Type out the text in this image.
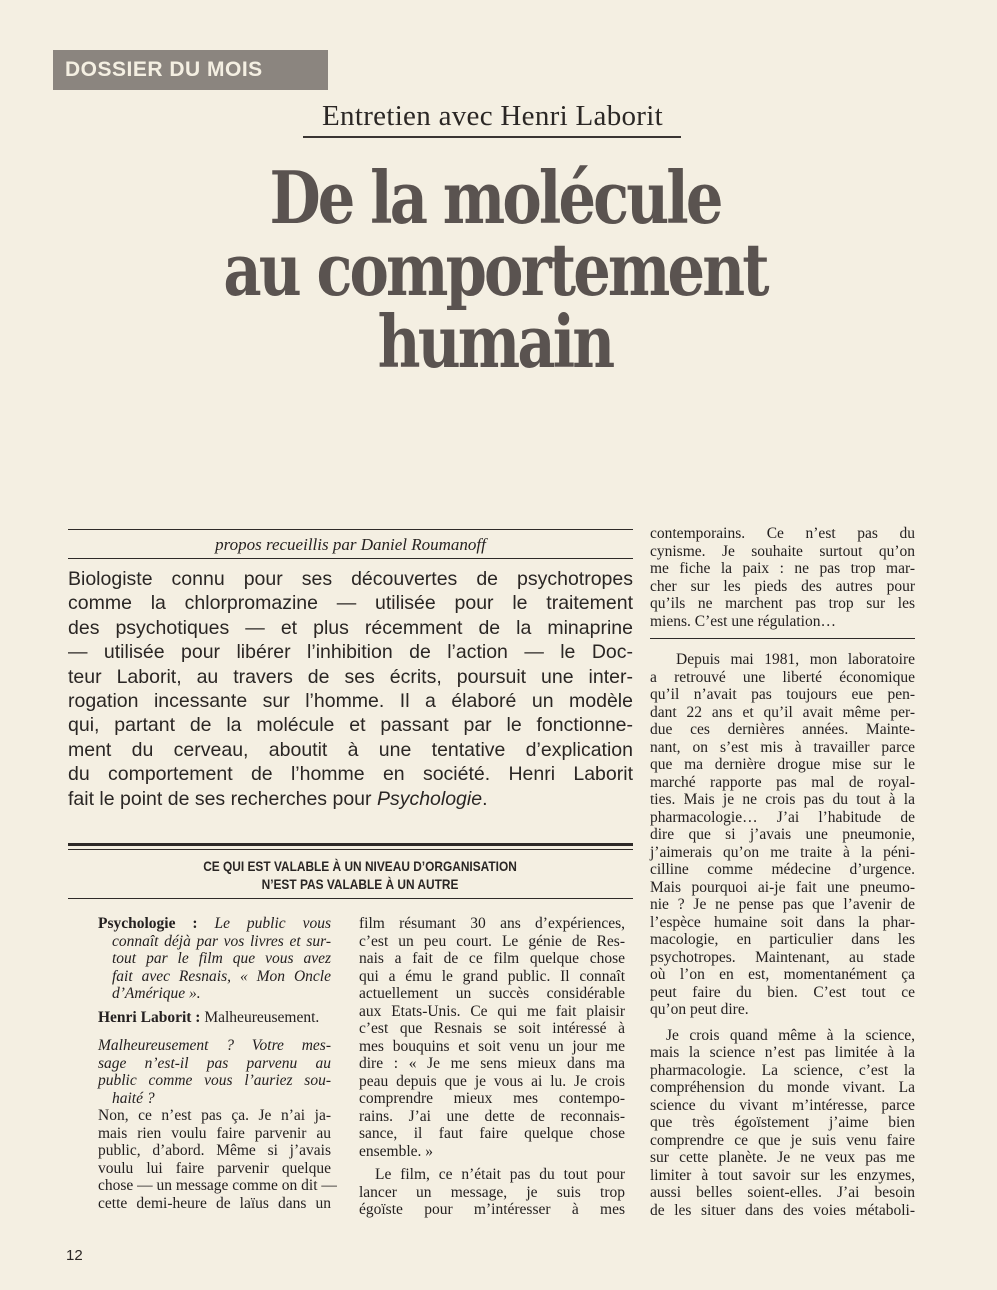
DOSSIER DU MOIS
Entretien avec Henri Laborit
De la molécule
au comportement
humain
propos recueillis par Daniel Roumanoff
Biologiste connu pour ses découvertes de psychotropes
comme la chlorpromazine — utilisée pour le traitement
des psychotiques — et plus récemment de la minaprine
— utilisée pour libérer l’inhibition de l’action — le Doc-
teur Laborit, au travers de ses écrits, poursuit une inter-
rogation incessante sur l’homme. Il a élaboré un modèle
qui, partant de la molécule et passant par le fonctionne-
ment du cerveau, aboutit à une tentative d’explication
du comportement de l’homme en société. Henri Laborit
fait le point de ses recherches pour Psychologie.
CE QUI EST VALABLE À UN NIVEAU D’ORGANISATION
N’EST PAS VALABLE À UN AUTRE

Psychologie : Le public vous
connaît déjà par vos livres et sur-
tout par le film que vous avez
fait avec Resnais, « Mon Oncle
d’Amérique ».

Henri Laborit : Malheureusement.

Malheureusement ? Votre mes-
sage n’est-il pas parvenu au
public comme vous l’auriez sou-
haité ?

Non, ce n’est pas ça. Je n’ai ja-
mais rien voulu faire parvenir au
public, d’abord. Même si j’avais
voulu lui faire parvenir quelque
chose — un message comme on dit —
cette demi-heure de laïus dans un

film résumant 30 ans d’expériences,
c’est un peu court. Le génie de Res-
nais a fait de ce film quelque chose
qui a ému le grand public. Il connaît
actuellement un succès considérable
aux Etats-Unis. Ce qui me fait plaisir
c’est que Resnais se soit intéressé à
mes bouquins et soit venu un jour me
dire : « Je me sens mieux dans ma
peau depuis que je vous ai lu. Je crois
comprendre mieux mes contempo-
rains. J’ai une dette de reconnais-
sance, il faut faire quelque chose
ensemble. »

Le film, ce n’était pas du tout pour
lancer un message, je suis trop
égoïste pour m’intéresser à mes

contemporains. Ce n’est pas du
cynisme. Je souhaite surtout qu’on
me fiche la paix : ne pas trop mar-
cher sur les pieds des autres pour
qu’ils ne marchent pas trop sur les
miens. C’est une régulation…

Depuis mai 1981, mon laboratoire
a retrouvé une liberté économique
qu’il n’avait pas toujours eue pen-
dant 22 ans et qu’il avait même per-
due ces dernières années. Mainte-
nant, on s’est mis à travailler parce
que ma dernière drogue mise sur le
marché rapporte pas mal de royal-
ties. Mais je ne crois pas du tout à la
pharmacologie… J’ai l’habitude de
dire que si j’avais une pneumonie,
j’aimerais qu’on me traite à la péni-
cilline comme médecine d’urgence.
Mais pourquoi ai-je fait une pneumo-
nie ? Je ne pense pas que l’avenir de
l’espèce humaine soit dans la phar-
macologie, en particulier dans les
psychotropes. Maintenant, au stade
où l’on en est, momentanément ça
peut faire du bien. C’est tout ce
qu’on peut dire.

Je crois quand même à la science,
mais la science n’est pas limitée à la
pharmacologie. La science, c’est la
compréhension du monde vivant. La
science du vivant m’intéresse, parce
que très égoïstement j’aime bien
comprendre ce que je suis venu faire
sur cette planète. Je ne veux pas me
limiter à tout savoir sur les enzymes,
aussi belles soient-elles. J’ai besoin
de les situer dans des voies métaboli-

12
